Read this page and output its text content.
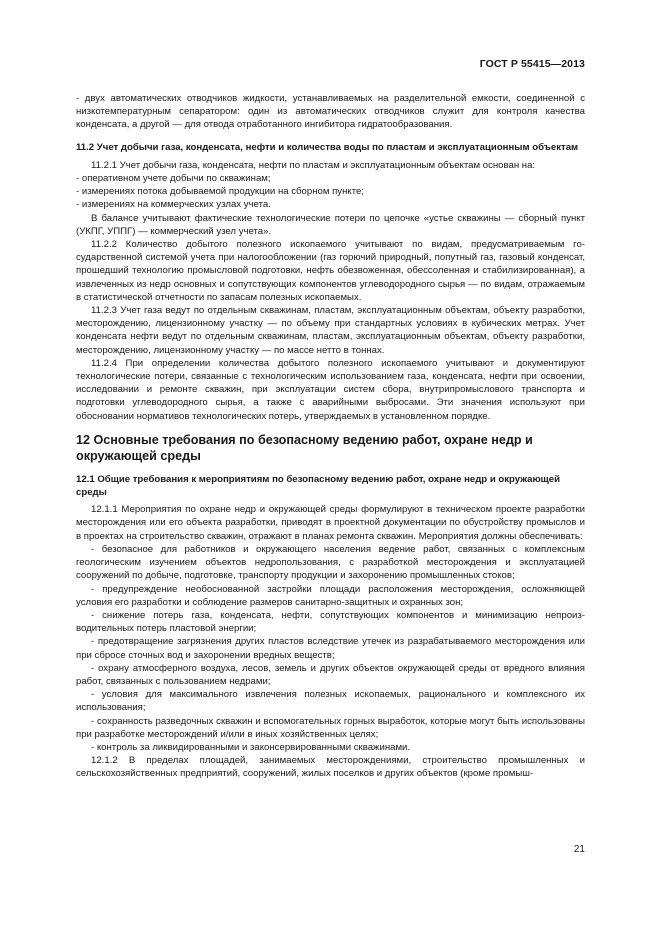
ГОСТ Р 55415—2013

- двух автоматических отводчиков жидкости, устанавливаемых на разделительной емкости, соединенной с низкотемпературным сепаратором: один из автоматических отводчиков служит для контроля качества конденсата, а другой — для отвода отработанного ингибитора гидратообразования.

11.2 Учет добычи газа, конденсата, нефти и количества воды по пластам и эксплуатационным объектам

11.2.1 Учет добычи газа, конденсата, нефти по пластам и эксплуатационным объектам основан на:

- оперативном учете добычи по скважинам;

- измерениях потока добываемой продукции на сборном пункте;

- измерениях на коммерческих узлах учета.

В балансе учитывают фактические технологические потери по цепочке «устье скважины — сборный пункт (УКПГ, УППГ) — коммерческий узел учета».

11.2.2 Количество добытого полезного ископаемого учитывают по видам, предусматриваемым государственной системой учета при налогообложении (газ горючий природный, попутный газ, газовый конденсат, прошедший технологию промысловой подготовки, нефть обезвоженная, обессоленная и стабилизированная), а извлеченных из недр основных и сопутствующих компонентов углеводородного сырья — по видам, отражаемым в статистической отчетности по запасам полезных ископаемых.

11.2.3 Учет газа ведут по отдельным скважинам, пластам, эксплуатационным объектам, объекту разработки, месторождению, лицензионному участку — по объему при стандартных условиях в кубических метрах. Учет конденсата нефти ведут по отдельным скважинам, пластам, эксплуатационным объектам, объекту разработки, месторождению, лицензионному участку — по массе нетто в тоннах.

11.2.4 При определении количества добытого полезного ископаемого учитывают и документируют технологические потери, связанные с технологическим использованием газа, конденсата, нефти при освоении, исследовании и ремонте скважин, при эксплуатации систем сбора, внутрипромыслового транспорта и подготовки углеводородного сырья, а также с аварийными выбросами. Эти значения используют при обосновании нормативов технологических потерь, утверждаемых в установленном порядке.

12 Основные требования по безопасному ведению работ, охране недр и окружающей среды
12.1 Общие требования к мероприятиям по безопасному ведению работ, охране недр и окружающей среды

12.1.1 Мероприятия по охране недр и окружающей среды формулируют в техническом проекте разработки месторождения или его объекта разработки, приводят в проектной документации по обустройству промыслов и в проектах на строительство скважин, отражают в планах ремонта скважин. Мероприятия должны обеспечивать:

- безопасное для работников и окружающего населения ведение работ, связанных с комплексным геологическим изучением объектов недропользования, с разработкой месторождения и эксплуатацией сооружений по добыче, подготовке, транспорту продукции и захоронению промышленных стоков;

- предупреждение необоснованной застройки площади расположения месторождения, осложняющей условия его разработки и соблюдение размеров санитарно-защитных и охранных зон;

- снижение потерь газа, конденсата, нефти, сопутствующих компонентов и минимизацию непроизводительных потерь пластовой энергии;

- предотвращение загрязнения других пластов вследствие утечек из разрабатываемого месторождения или при сбросе сточных вод и захоронении вредных веществ;

- охрану атмосферного воздуха, лесов, земель и других объектов окружающей среды от вредного влияния работ, связанных с пользованием недрами;

- условия для максимального извлечения полезных ископаемых, рационального и комплексного их использования;

- сохранность разведочных скважин и вспомогательных горных выработок, которые могут быть использованы при разработке месторождений и/или в иных хозяйственных целях;

- контроль за ликвидированными и законсервированными скважинами.

12.1.2 В пределах площадей, занимаемых месторождениями, строительство промышленных и сельскохозяйственных предприятий, сооружений, жилых поселков и других объектов (кроме промыш-

21
